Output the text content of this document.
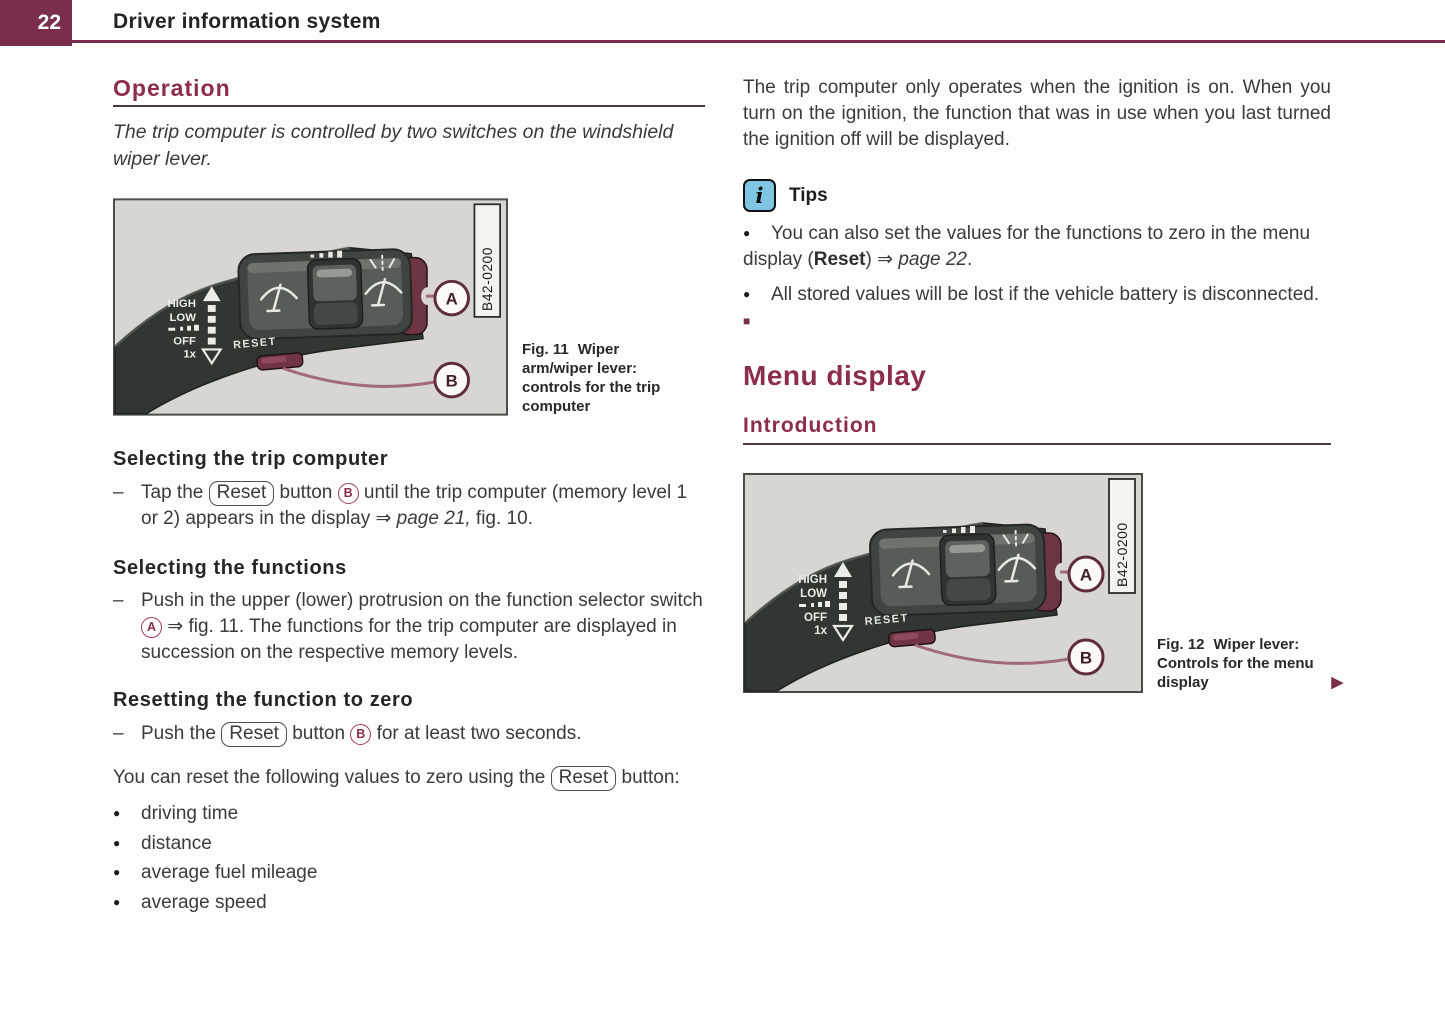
22 Driver information system
Operation

The trip computer is controlled by two switches on the windshield wiper lever.

HIGH
LOW
OFF
1x
RESET
A
B
B42-0200
Fig. 11 Wiper arm/wiper lever: controls for the trip computer
Selecting the trip computer

– Tap the Reset button B until the trip computer (memory level 1 or 2) appears in the display ⇒ page 21, fig. 10.

Selecting the functions

– Push in the upper (lower) protrusion on the function selector switch A ⇒ fig. 11. The functions for the trip computer are displayed in succession on the respective memory levels.

Resetting the function to zero

– Push the Reset button B for at least two seconds.

You can reset the following values to zero using the Reset button:

● driving time

● distance

● average fuel mileage

● average speed

The trip computer only operates when the ignition is on. When you turn on the ignition, the function that was in use when you last turned the ignition off will be displayed.

i Tips

● You can also set the values for the functions to zero in the menu display (Reset) ⇒ page 22.

● All stored values will be lost if the vehicle battery is disconnected. ■

Menu display
Introduction
HIGH
LOW
OFF
1x
RESET
A
B
B42-0200
Fig. 12 Wiper lever: Controls for the menu display	▶
